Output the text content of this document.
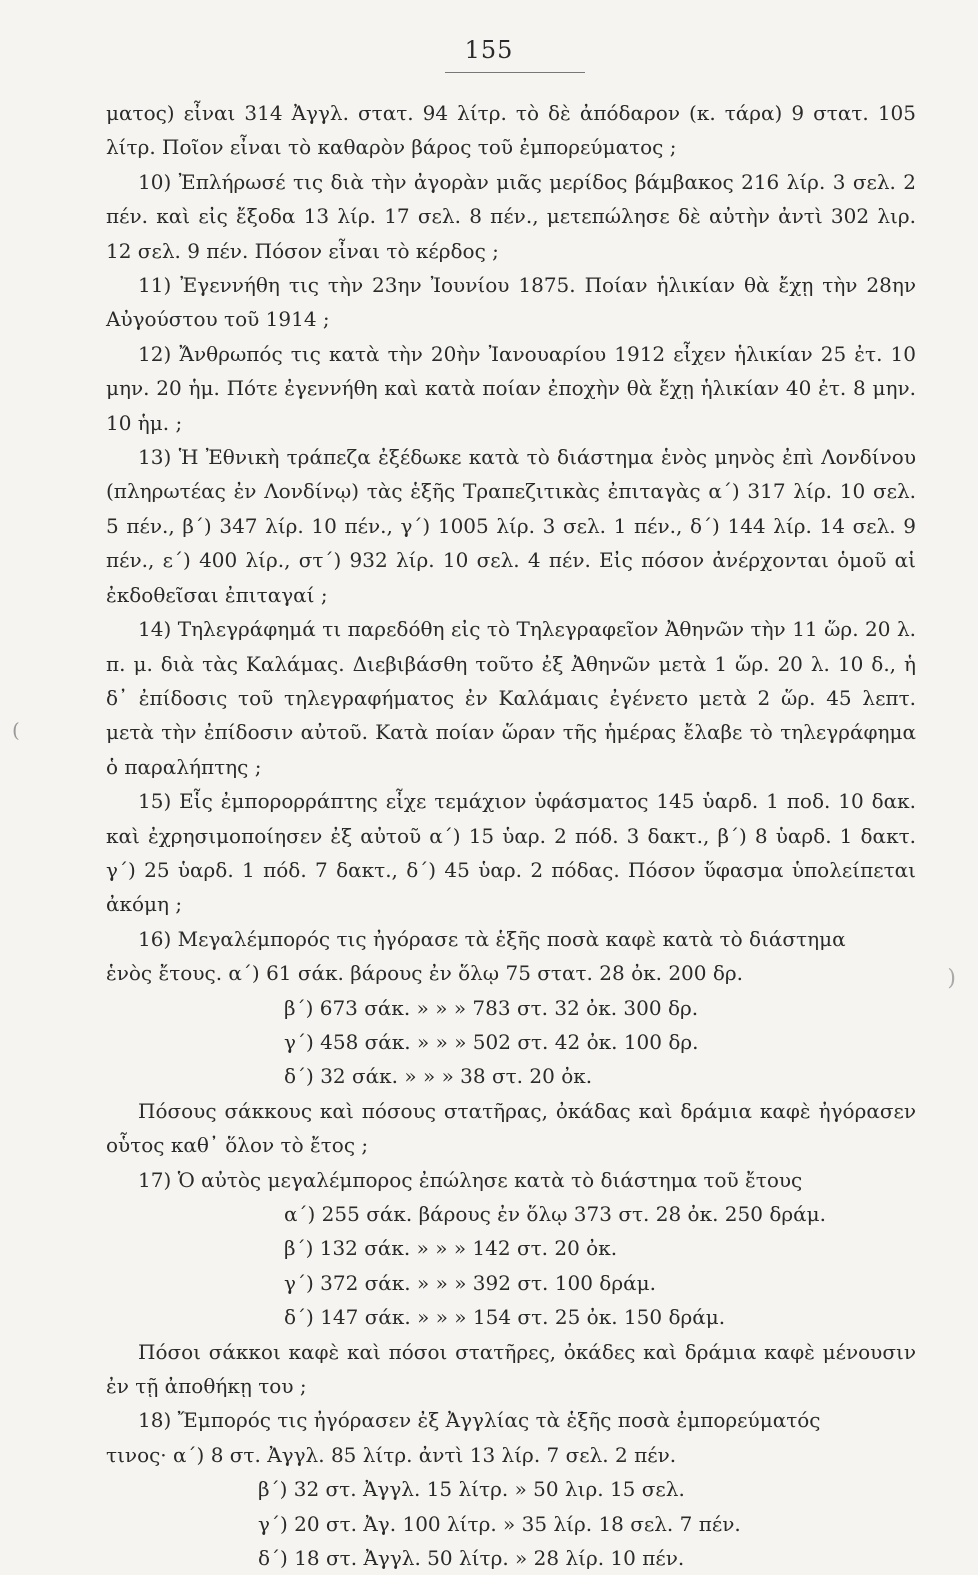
155
(
)

ματος) εἶναι 314 Ἀγγλ. στατ. 94 λίτρ. τὸ δὲ ἀπόδαρον (κ. τάρα) 9 στατ. 105 λίτρ. Ποῖον εἶναι τὸ καθαρὸν βάρος τοῦ ἐμπορεύματος ;

10) Ἐπλήρωσέ τις διὰ τὴν ἀγορὰν μιᾶς μερίδος βάμβακος 216 λίρ. 3 σελ. 2 πέν. καὶ εἰς ἔξοδα 13 λίρ. 17 σελ. 8 πέν., μετεπώλησε δὲ αὐτὴν ἀντὶ 302 λιρ. 12 σελ. 9 πέν. Πόσον εἶναι τὸ κέρδος ;

11) Ἐγεννήθη τις τὴν 23ην Ἰουνίου 1875. Ποίαν ἡλικίαν θὰ ἔχῃ τὴν 28ην Αὐγούστου τοῦ 1914 ;

12) Ἄνθρωπός τις κατὰ τὴν 20ὴν Ἰανουαρίου 1912 εἶχεν ἡλικίαν 25 ἐτ. 10 μην. 20 ἡμ. Πότε ἐγεννήθη καὶ κατὰ ποίαν ἐποχὴν θὰ ἔχῃ ἡλικίαν 40 ἐτ. 8 μην. 10 ἡμ. ;

13) Ἡ Ἐθνικὴ τράπεζα ἐξέδωκε κατὰ τὸ διάστημα ἑνὸς μηνὸς ἐπὶ Λονδίνου (πληρωτέας ἐν Λονδίνῳ) τὰς ἑξῆς Τραπεζιτικὰς ἐπιταγὰς α΄) 317 λίρ. 10 σελ. 5 πέν., β΄) 347 λίρ. 10 πέν., γ΄) 1005 λίρ. 3 σελ. 1 πέν., δ΄) 144 λίρ. 14 σελ. 9 πέν., ε΄) 400 λίρ., στ΄) 932 λίρ. 10 σελ. 4 πέν. Εἰς πόσον ἀνέρχονται ὁμοῦ αἱ ἐκδοθεῖσαι ἐπιταγαί ;

14) Τηλεγράφημά τι παρεδόθη εἰς τὸ Τηλεγραφεῖον Ἀθηνῶν τὴν 11 ὥρ. 20 λ. π. μ. διὰ τὰς Καλάμας. Διεβιβάσθη τοῦτο ἐξ Ἀθηνῶν μετὰ 1 ὥρ. 20 λ. 10 δ., ἡ δ᾽ ἐπίδοσις τοῦ τηλεγραφήματος ἐν Καλάμαις ἐγένετο μετὰ 2 ὥρ. 45 λεπτ. μετὰ τὴν ἐπίδοσιν αὐτοῦ. Κατὰ ποίαν ὥραν τῆς ἡμέρας ἔλαβε τὸ τηλεγράφημα ὁ παραλήπτης ;

15) Εἷς ἐμπορορράπτης εἶχε τεμάχιον ὑφάσματος 145 ὑαρδ. 1 ποδ. 10 δακ. καὶ ἐχρησιμοποίησεν ἐξ αὐτοῦ α΄) 15 ὑαρ. 2 πόδ. 3 δακτ., β΄) 8 ὑαρδ. 1 δακτ. γ΄) 25 ὑαρδ. 1 πόδ. 7 δακτ., δ΄) 45 ὑαρ. 2 πόδας. Πόσον ὕφασμα ὑπολείπεται ἀκόμη ;

16) Μεγαλέμπορός τις ἠγόρασε τὰ ἑξῆς ποσὰ καφὲ κατὰ τὸ διάστημα

ἑνὸς ἔτους. α΄) 61 σάκ. βάρους ἐν ὅλῳ 75 στατ. 28 ὀκ. 200 δρ.
β΄) 673 σάκ. » » » 783 στ. 32 ὀκ. 300 δρ.
γ΄) 458 σάκ. » » » 502 στ. 42 ὀκ. 100 δρ.
δ΄) 32 σάκ. » » » 38 στ. 20 ὀκ.

Πόσους σάκκους καὶ πόσους στατῆρας, ὀκάδας καὶ δράμια καφὲ ἠγόρασεν οὗτος καθ᾽ ὅλον τὸ ἔτος ;

17) Ὁ αὐτὸς μεγαλέμπορος ἐπώλησε κατὰ τὸ διάστημα τοῦ ἔτους

α΄) 255 σάκ. βάρους ἐν ὅλῳ 373 στ. 28 ὀκ. 250 δράμ.
β΄) 132 σάκ. » » » 142 στ. 20 ὀκ.
γ΄) 372 σάκ. » » » 392 στ. 100 δράμ.
δ΄) 147 σάκ. » » » 154 στ. 25 ὀκ. 150 δράμ.

Πόσοι σάκκοι καφὲ καὶ πόσοι στατῆρες, ὀκάδες καὶ δράμια καφὲ μένουσιν ἐν τῇ ἀποθήκῃ του ;

18) Ἔμπορός τις ἠγόρασεν ἐξ Ἀγγλίας τὰ ἑξῆς ποσὰ ἐμπορεύματός

τινος· α΄) 8 στ. Ἀγγλ. 85 λίτρ. ἀντὶ 13 λίρ. 7 σελ. 2 πέν.
β΄) 32 στ. Ἀγγλ. 15 λίτρ. » 50 λιρ. 15 σελ.
γ΄) 20 στ. Ἀγ. 100 λίτρ. » 35 λίρ. 18 σελ. 7 πέν.
δ΄) 18 στ. Ἀγγλ. 50 λίτρ. » 28 λίρ. 10 πέν.
